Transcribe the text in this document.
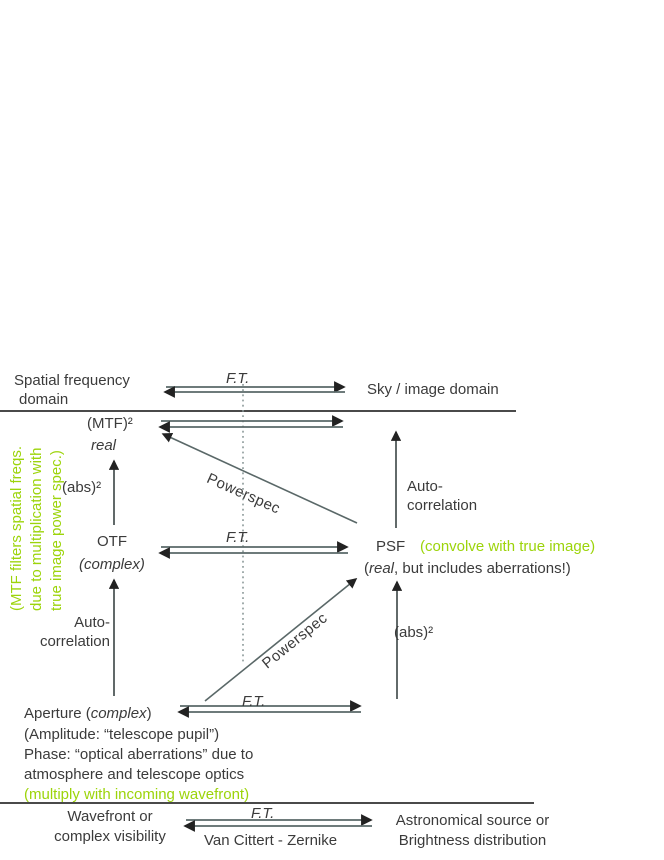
Spatial frequency
domain
F.T.
Sky / image domain
(MTF filters spatial freqs. due to multiplication with true image power spec.)
(MTF)²
real
(abs)²	Powerspec	Auto-
correlation
OTF
(complex)
F.T.
PSF (convolve with true image)
(real, but includes aberrations!)
Auto-
correlation	Powerspec	(abs)²
F.T.
Aperture (complex)
(Amplitude: “telescope pupil”)
Phase: “optical aberrations” due to
atmosphere and telescope optics
(multiply with incoming wavefront)
Wavefront or
complex visibility
F.T.
Van Cittert - Zernike
Astronomical source or
Brightness distribution
